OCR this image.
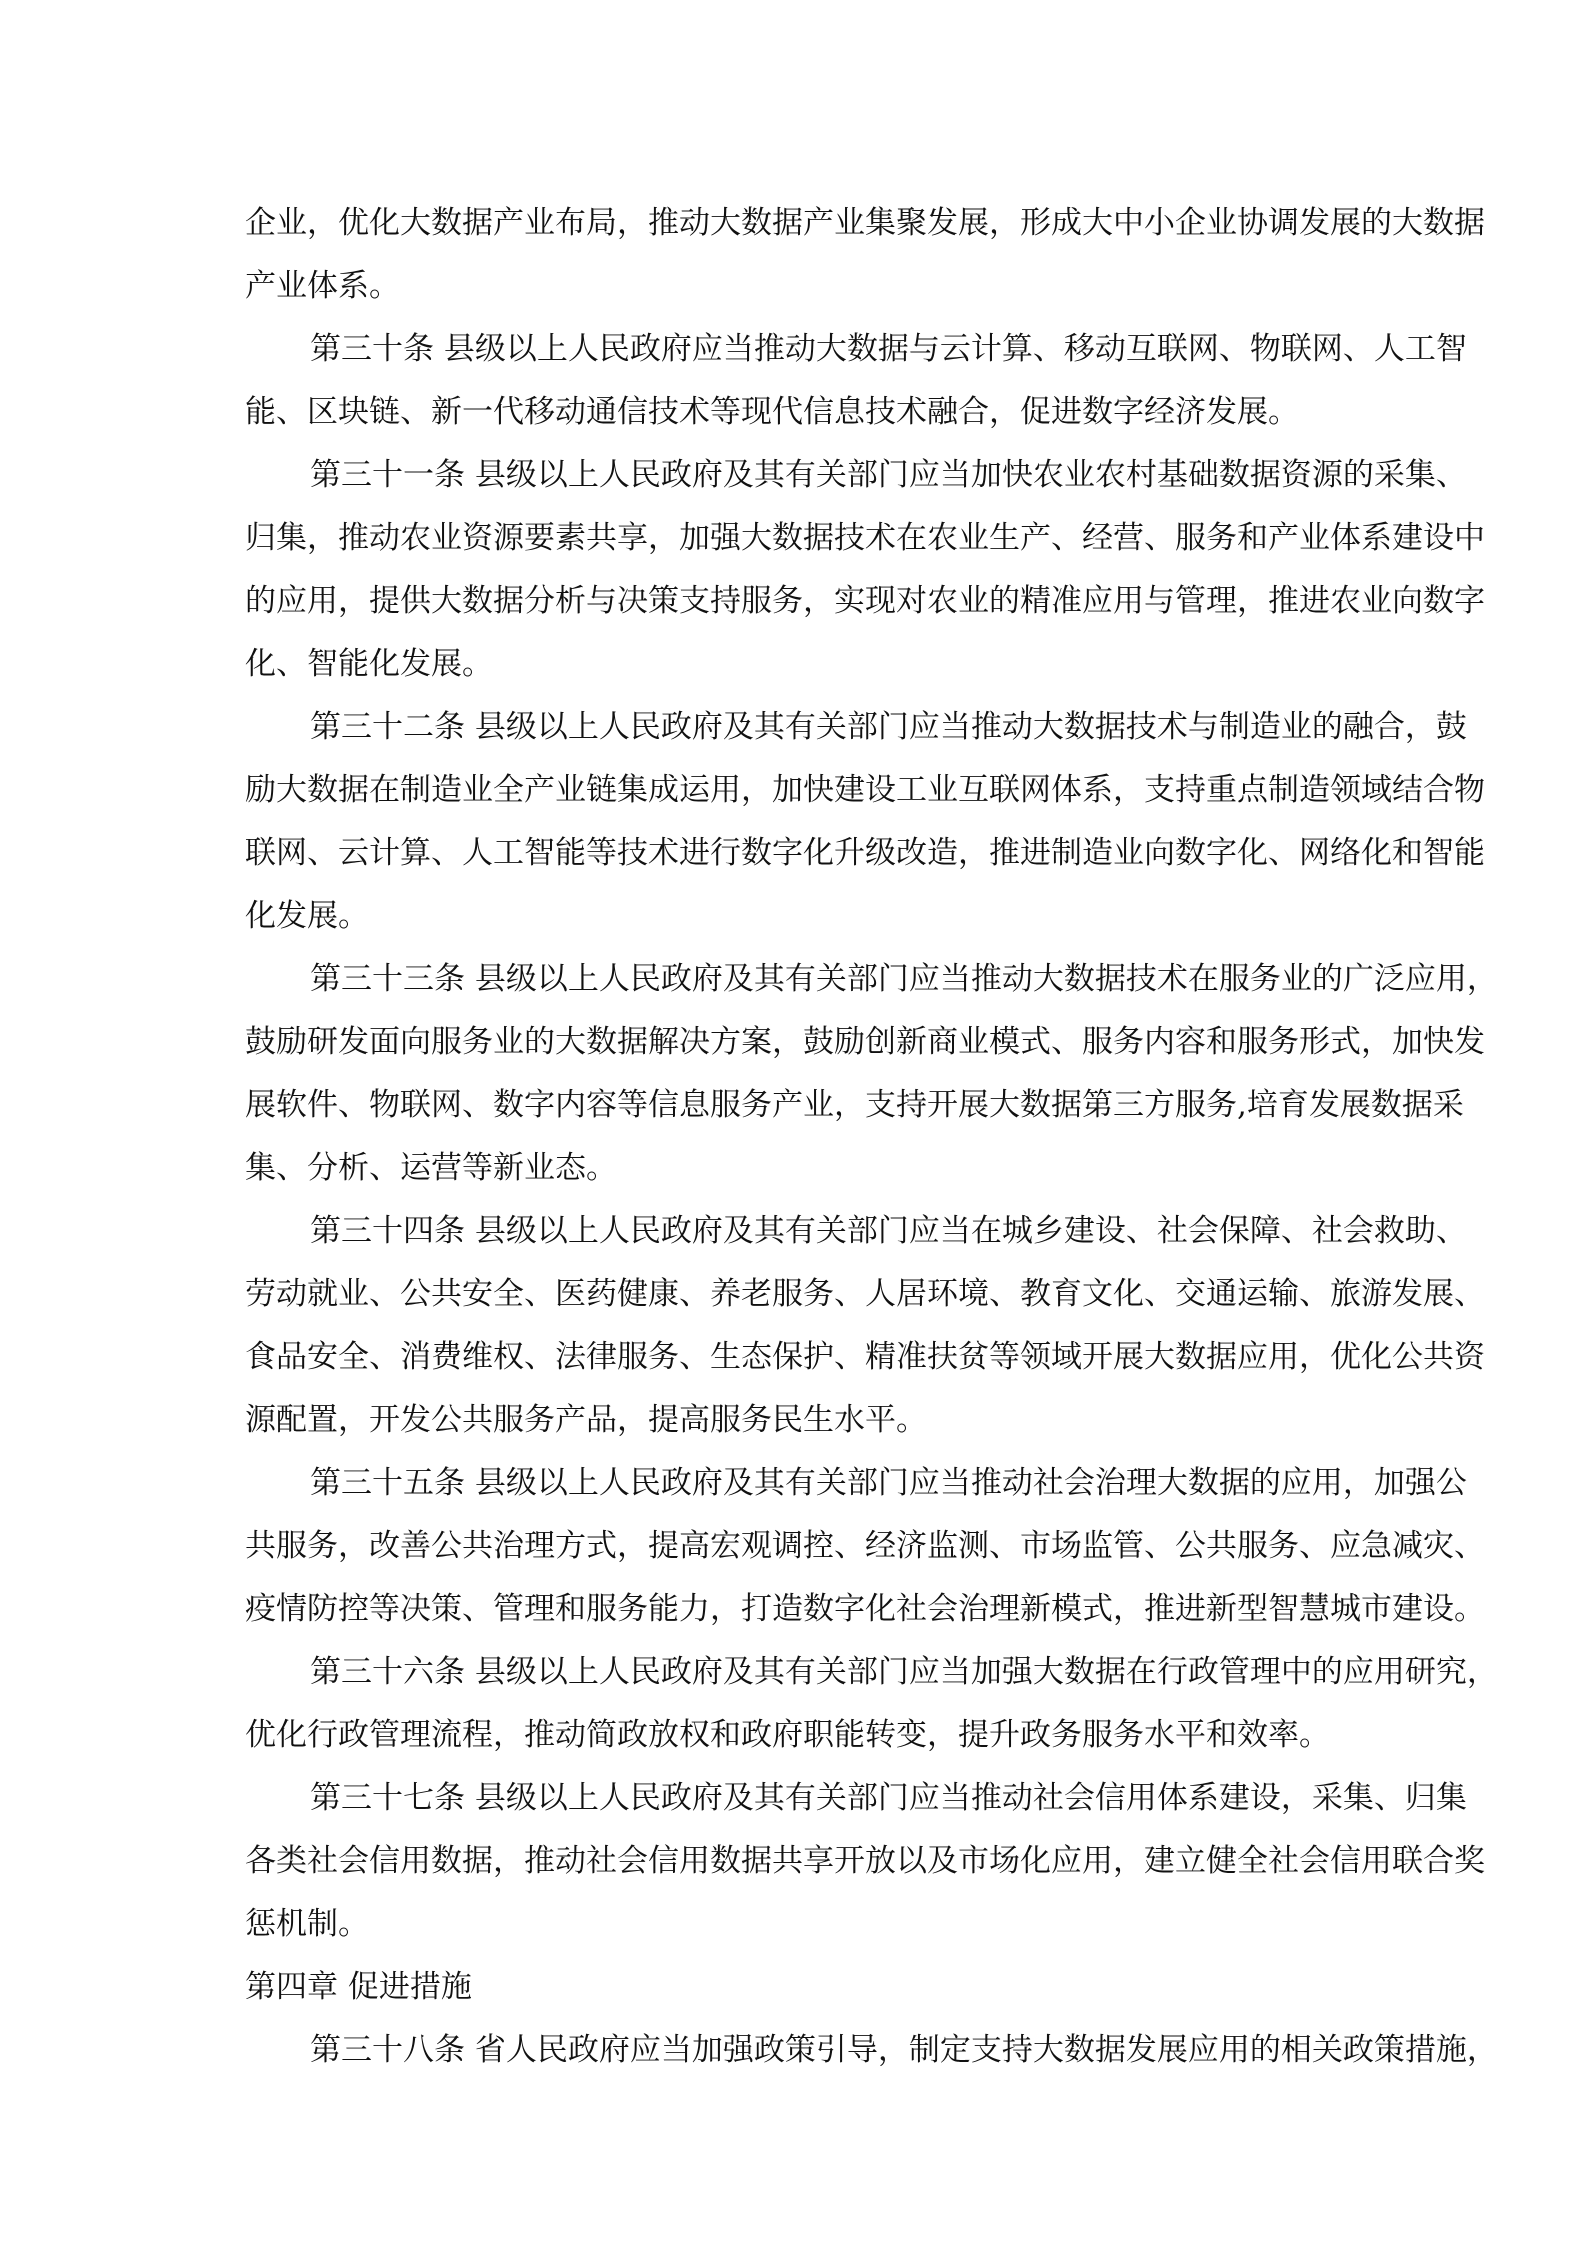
企业，优化大数据产业布局，推动大数据产业集聚发展，形成大中小企业协调发展的大数据
产业体系。
第三十条 县级以上人民政府应当推动大数据与云计算、移动互联网、物联网、人工智
能、区块链、新一代移动通信技术等现代信息技术融合，促进数字经济发展。
第三十一条 县级以上人民政府及其有关部门应当加快农业农村基础数据资源的采集、
归集，推动农业资源要素共享，加强大数据技术在农业生产、经营、服务和产业体系建设中
的应用，提供大数据分析与决策支持服务，实现对农业的精准应用与管理，推进农业向数字
化、智能化发展。
第三十二条 县级以上人民政府及其有关部门应当推动大数据技术与制造业的融合，鼓
励大数据在制造业全产业链集成运用，加快建设工业互联网体系，支持重点制造领域结合物
联网、云计算、人工智能等技术进行数字化升级改造，推进制造业向数字化、网络化和智能
化发展。
第三十三条 县级以上人民政府及其有关部门应当推动大数据技术在服务业的广泛应用，
鼓励研发面向服务业的大数据解决方案，鼓励创新商业模式、服务内容和服务形式，加快发
展软件、物联网、数字内容等信息服务产业，支持开展大数据第三方服务,培育发展数据采
集、分析、运营等新业态。
第三十四条 县级以上人民政府及其有关部门应当在城乡建设、社会保障、社会救助、
劳动就业、公共安全、医药健康、养老服务、人居环境、教育文化、交通运输、旅游发展、
食品安全、消费维权、法律服务、生态保护、精准扶贫等领域开展大数据应用，优化公共资
源配置，开发公共服务产品，提高服务民生水平。
第三十五条 县级以上人民政府及其有关部门应当推动社会治理大数据的应用，加强公
共服务，改善公共治理方式，提高宏观调控、经济监测、市场监管、公共服务、应急减灾、
疫情防控等决策、管理和服务能力，打造数字化社会治理新模式，推进新型智慧城市建设。
第三十六条 县级以上人民政府及其有关部门应当加强大数据在行政管理中的应用研究，
优化行政管理流程，推动简政放权和政府职能转变，提升政务服务水平和效率。
第三十七条 县级以上人民政府及其有关部门应当推动社会信用体系建设，采集、归集
各类社会信用数据，推动社会信用数据共享开放以及市场化应用，建立健全社会信用联合奖
惩机制。
第四章 促进措施
第三十八条 省人民政府应当加强政策引导，制定支持大数据发展应用的相关政策措施，
